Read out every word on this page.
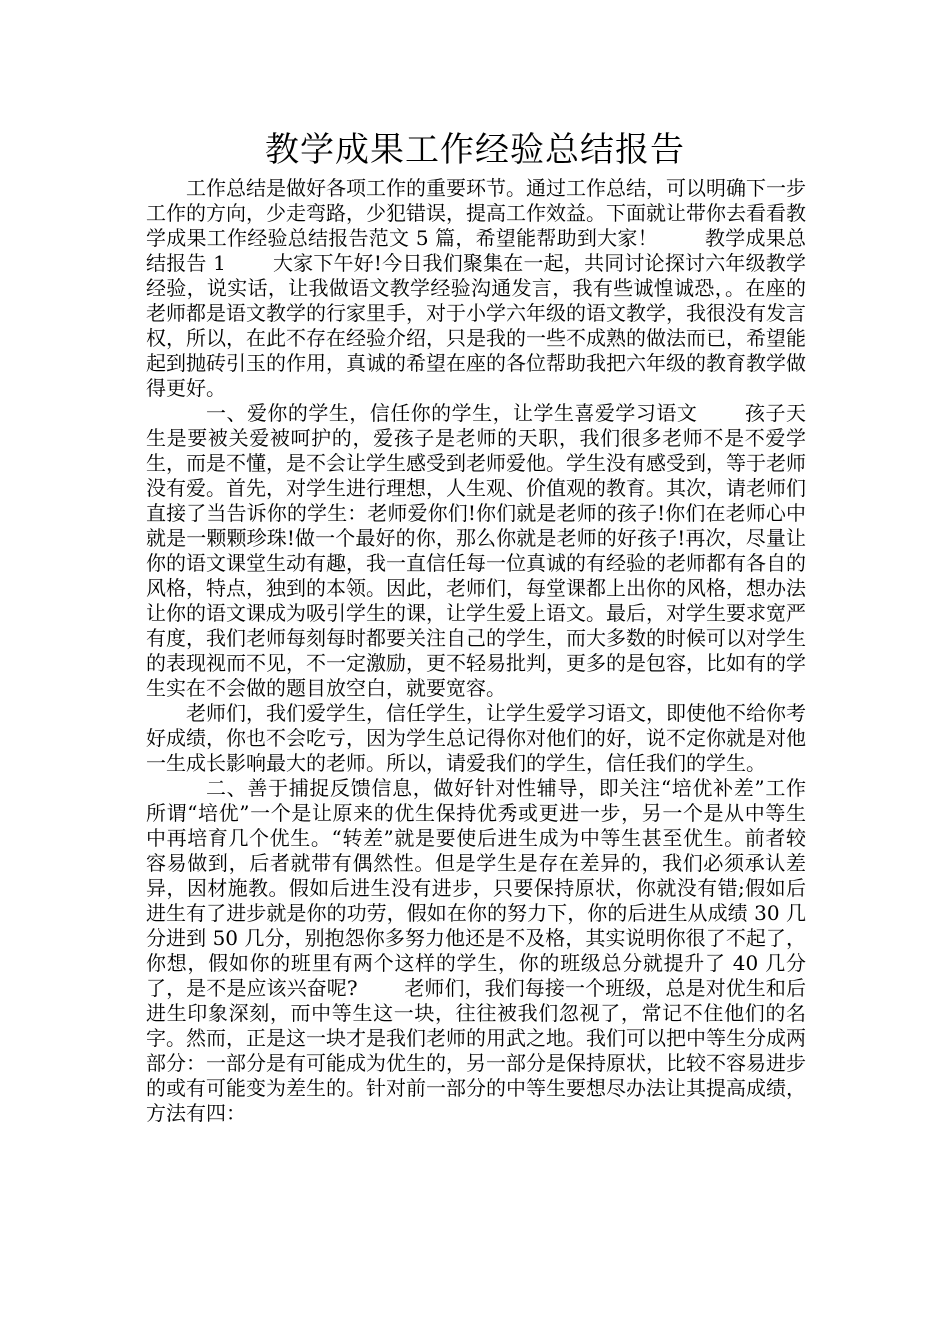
教学成果工作经验总结报告

工作总结是做好各项工作的重要环节。通过工作总结，可以明确下一步工作的方向，少走弯路，少犯错误，提高工作效益。下面就让带你去看看教学成果工作经验总结报告范文 5 篇，希望能帮助到大家！　　 教学成果总结报告 1　　 大家下午好!今日我们聚集在一起，共同讨论探讨六年级教学经验，说实话，让我做语文教学经验沟通发言，我有些诚惶诚恐，。在座的老师都是语文教学的行家里手，对于小学六年级的语文教学，我很没有发言权，所以，在此不存在经验介绍，只是我的一些不成熟的做法而已，希望能起到抛砖引玉的作用，真诚的希望在座的各位帮助我把六年级的教育教学做得更好。

一、爱你的学生，信任你的学生，让学生喜爱学习语文　　 孩子天生是要被关爱被呵护的，爱孩子是老师的天职，我们很多老师不是不爱学生，而是不懂，是不会让学生感受到老师爱他。学生没有感受到，等于老师没有爱。首先，对学生进行理想，人生观、价值观的教育。其次，请老师们直接了当告诉你的学生：老师爱你们!你们就是老师的孩子!你们在老师心中就是一颗颗珍珠!做一个最好的你，那么你就是老师的好孩子!再次，尽量让你的语文课堂生动有趣，我一直信任每一位真诚的有经验的老师都有各自的风格，特点，独到的本领。因此，老师们，每堂课都上出你的风格，想办法让你的语文课成为吸引学生的课，让学生爱上语文。最后，对学生要求宽严有度，我们老师每刻每时都要关注自己的学生，而大多数的时候可以对学生的表现视而不见，不一定激励，更不轻易批判，更多的是包容，比如有的学生实在不会做的题目放空白，就要宽容。

老师们，我们爱学生，信任学生，让学生爱学习语文，即使他不给你考好成绩，你也不会吃亏，因为学生总记得你对他们的好，说不定你就是对他一生成长影响最大的老师。所以，请爱我们的学生，信任我们的学生。

二、善于捕捉反馈信息，做好针对性辅导，即关注“培优补差”工作　　 所谓“培优”一个是让原来的优生保持优秀或更进一步，另一个是从中等生中再培育几个优生。“转差”就是要使后进生成为中等生甚至优生。前者较容易做到，后者就带有偶然性。但是学生是存在差异的，我们必须承认差异，因材施教。假如后进生没有进步，只要保持原状，你就没有错;假如后进生有了进步就是你的功劳，假如在你的努力下，你的后进生从成绩 30 几分进到 50 几分，别抱怨你多努力他还是不及格，其实说明你很了不起了，你想，假如你的班里有两个这样的学生，你的班级总分就提升了 40 几分了，是不是应该兴奋呢?　　 老师们，我们每接一个班级，总是对优生和后进生印象深刻，而中等生这一块，往往被我们忽视了，常记不住他们的名字。然而，正是这一块才是我们老师的用武之地。我们可以把中等生分成两部分：一部分是有可能成为优生的，另一部分是保持原状，比较不容易进步的或有可能变为差生的。针对前一部分的中等生要想尽办法让其提高成绩，方法有四：
